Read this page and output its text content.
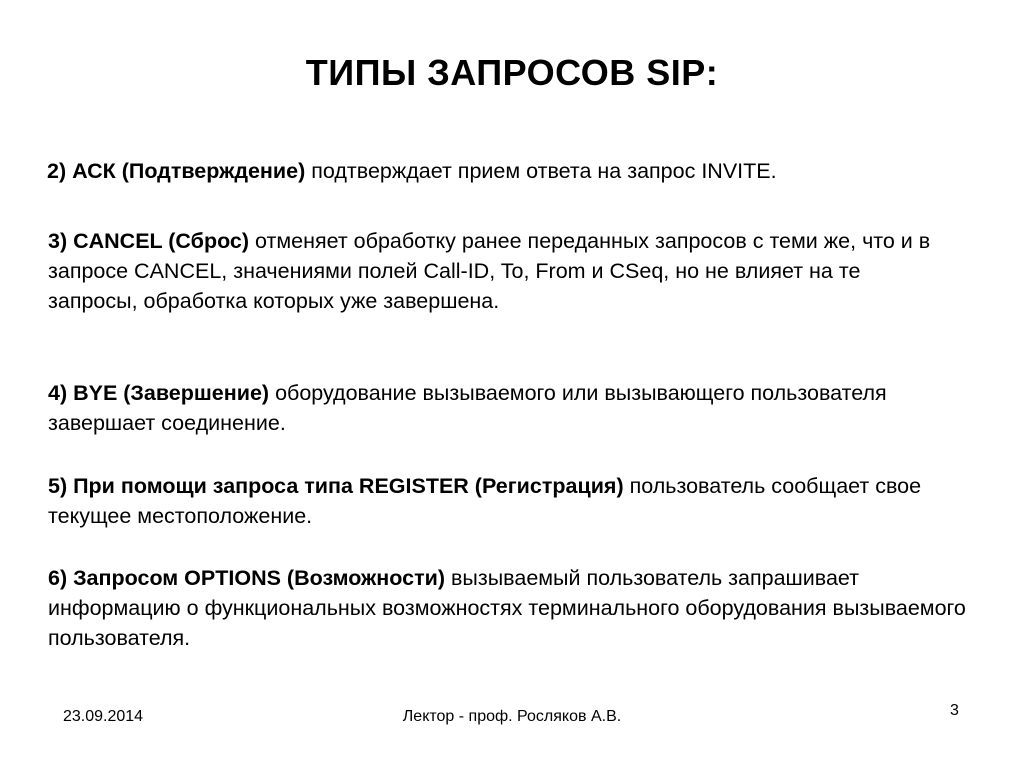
ТИПЫ ЗАПРОСОВ SIP:
2) АСК (Подтверждение) подтверждает прием ответа на запрос INVITE.
3) CANCEL (Сброс) отменяет обработку ранее переданных запросов с теми же, что и в запросе CANCEL, значениями полей Call-ID, To, From и CSeq, но не влияет на те запросы, обработка которых уже завершена.
4) BYE (Завершение) оборудование вызываемого или вызывающего пользователя завершает соединение.
5) При помощи запроса типа REGISTER (Регистрация) пользователь сообщает свое текущее местоположение.
6) Запросом OPTIONS (Возможности) вызываемый пользователь запрашивает информацию о функциональных возможностях терминального оборудования вызываемого пользователя.
23.09.2014	Лектор - проф. Росляков А.В.	3
